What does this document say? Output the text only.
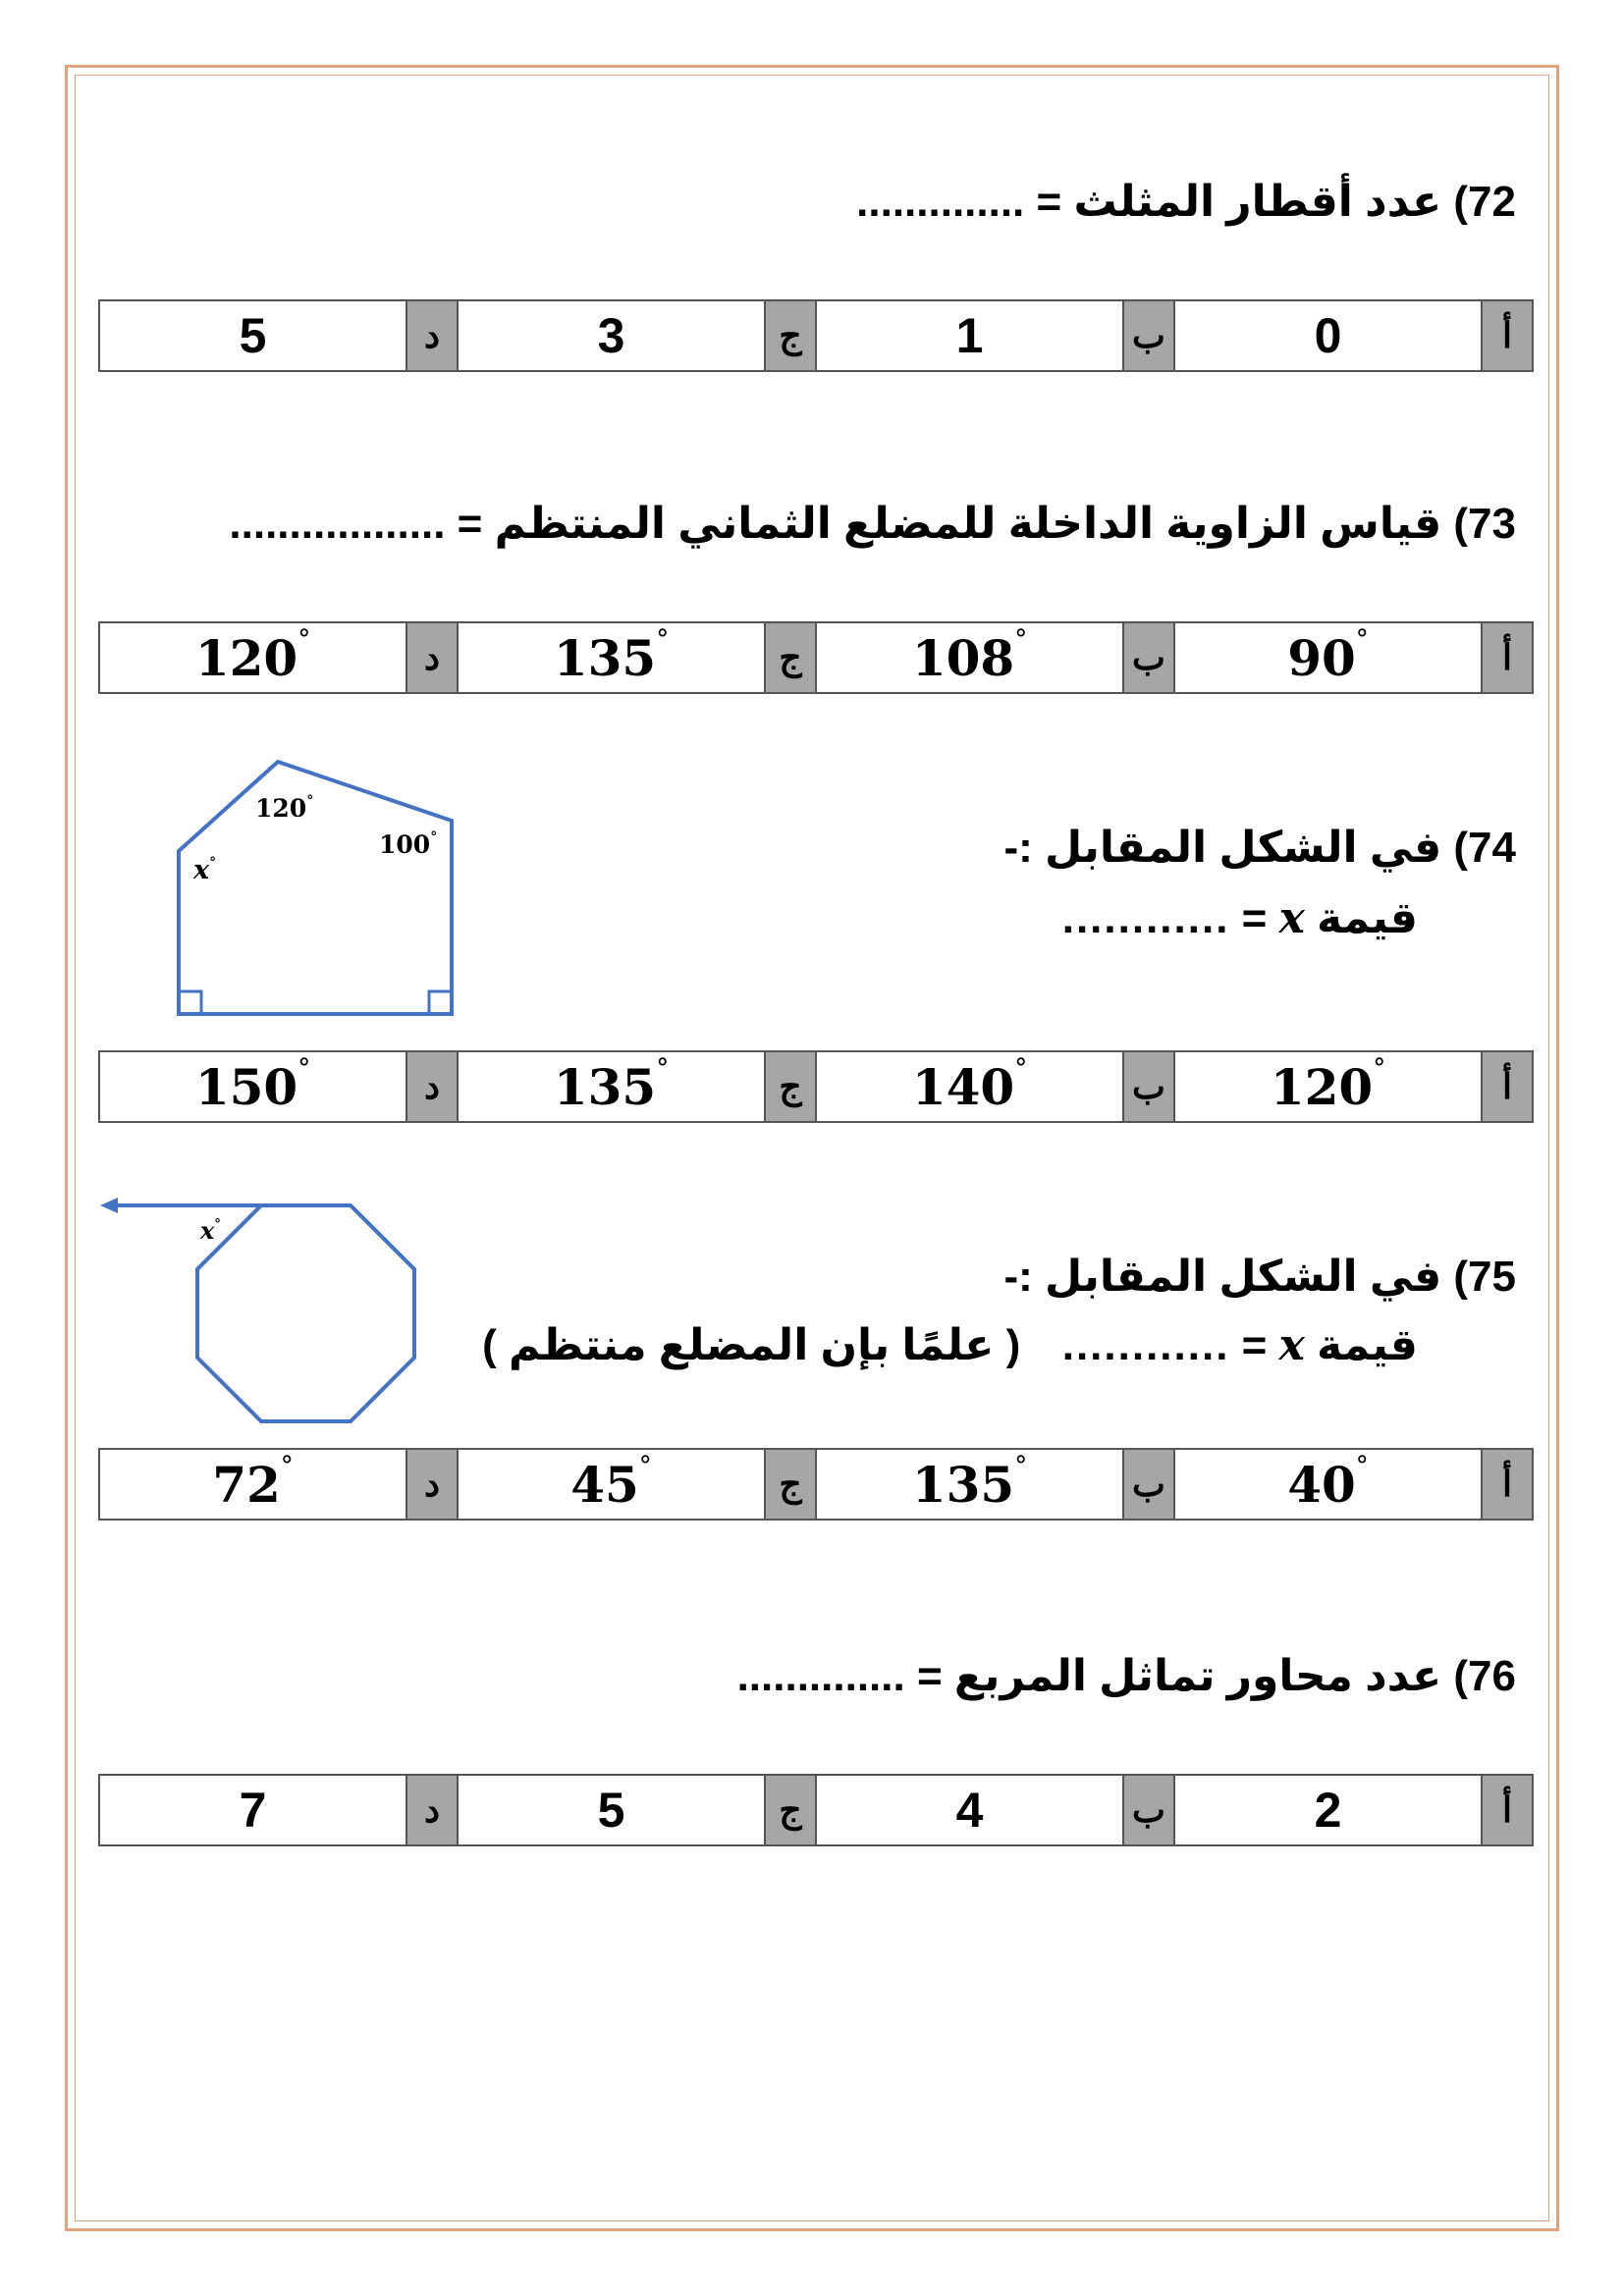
72) عدد أقطار المثلث = ..............
أ	0	ب	1	ج	3	د	5
73) قياس الزاوية الداخلة للمضلع الثماني المنتظم = ..................
أ	90°	ب	108°	ج	135°	د	120°
74) في الشكل المقابل :-
قيمة x = ............
120°
100°
x°
أ	120°	ب	140°	ج	135°	د	150°
75) في الشكل المقابل :-
قيمة x = ............  ( علمًا بإن المضلع منتظم )
x°
أ	40°	ب	135°	ج	45°	د	72°
76) عدد محاور تماثل المربع = ..............
أ	2	ب	4	ج	5	د	7
